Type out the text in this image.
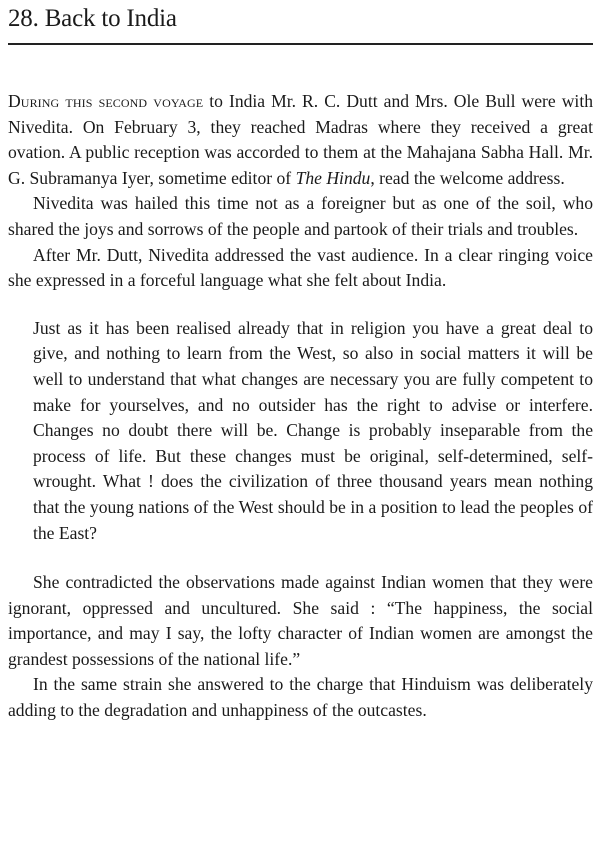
28. Back to India

During this second voyage to India Mr. R. C. Dutt and Mrs. Ole Bull were with Nivedita. On February 3, they reached Madras where they received a great ovation. A public reception was accorded to them at the Mahajana Sabha Hall. Mr. G. Subramanya Iyer, sometime editor of The Hindu, read the welcome address.

Nivedita was hailed this time not as a foreigner but as one of the soil, who shared the joys and sorrows of the people and partook of their trials and troubles.

After Mr. Dutt, Nivedita addressed the vast audience. In a clear ringing voice she expressed in a forceful language what she felt about India.

Just as it has been realised already that in religion you have a great deal to give, and nothing to learn from the West, so also in social matters it will be well to understand that what changes are necessary you are fully competent to make for yourselves, and no outsider has the right to advise or interfere. Changes no doubt there will be. Change is probably inseparable from the process of life. But these changes must be original, self-determined, self-wrought. What ! does the civilization of three thousand years mean nothing that the young nations of the West should be in a position to lead the peoples of the East?

She contradicted the observations made against Indian women that they were ignorant, oppressed and uncultured. She said : “The happiness, the social importance, and may I say, the lofty character of Indian women are amongst the grandest possessions of the national life.”

In the same strain she answered to the charge that Hinduism was deliberately adding to the degradation and unhappiness of the outcastes.
